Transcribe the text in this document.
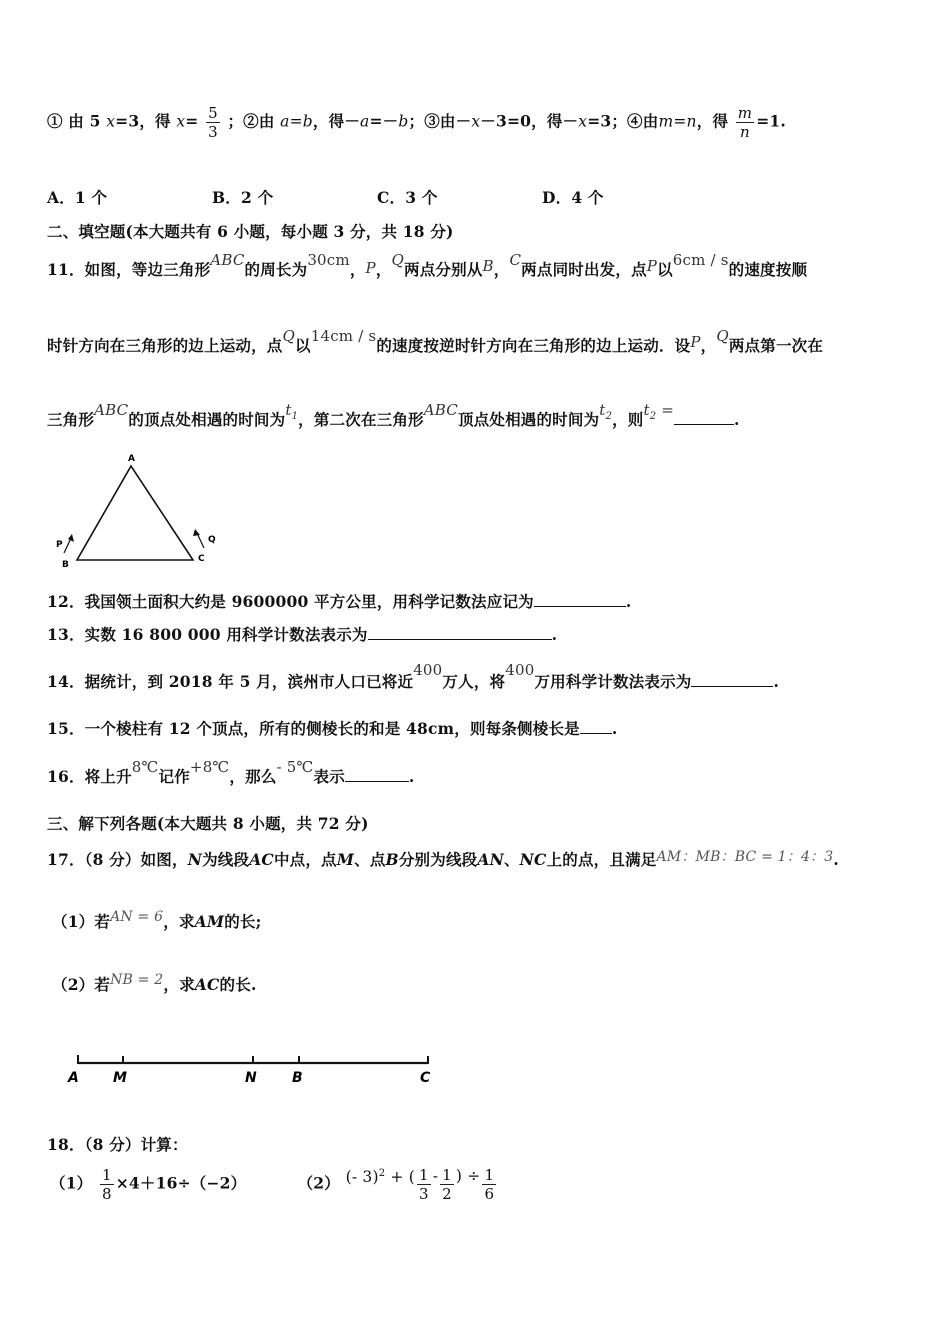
① 由 5 x=3，得 $x= \frac{5}{3}$ ；②由 a=b，得－a=－b；③由－x－3=0，得－x=3；④由m=n，得 $\frac{m}{n} =1$.
A．1 个	B．2 个	C．3 个	D．4 个
二、填空题(本大题共有 6 小题，每小题 3 分，共 18 分)
11．如图，等边三角形ABC的周长为30cm，P，Q两点分别从B，C两点同时出发，点P以6cm / s的速度按顺
时针方向在三角形的边上运动，点Q以14cm / s的速度按逆时针方向在三角形的边上运动．设P，Q两点第一次在
三角形ABC的顶点处相遇的时间为$t_1$，第二次在三角形ABC顶点处相遇的时间为$t_2$，则$t_2$ =	.
A
B
C
P	Q
12．我国领土面积大约是 9600000 平方公里，用科学记数法应记为	.
13．实数 16 800 000 用科学计数法表示为	.
14．据统计，到 2018 年 5 月，滨州市人口已将近400万人，将400万用科学计数法表示为	.
15．一个棱柱有 12 个顶点，所有的侧棱长的和是 48cm，则每条侧棱长是 .
16．将上升8℃记作+8℃，那么- 5℃表示	.
三、解下列各题(本大题共 8 小题，共 72 分)
17．（8 分）如图，N为线段AC中点，点M、点B分别为线段AN、NC上的点，且满足AM：MB：BC = 1：4：3.
（1）若AN = 6，求AM的长;
（2）若NB = 2，求AC的长.
A M	N	B	C
18．（8 分）计算：
$(1) \frac{1}{8} \times 4+16\div(-2)$	（2） (- 3)$^2$ + ( $\frac{1}{3} - \frac{1}{2}$ ) ÷ $\frac{1}{6}$
